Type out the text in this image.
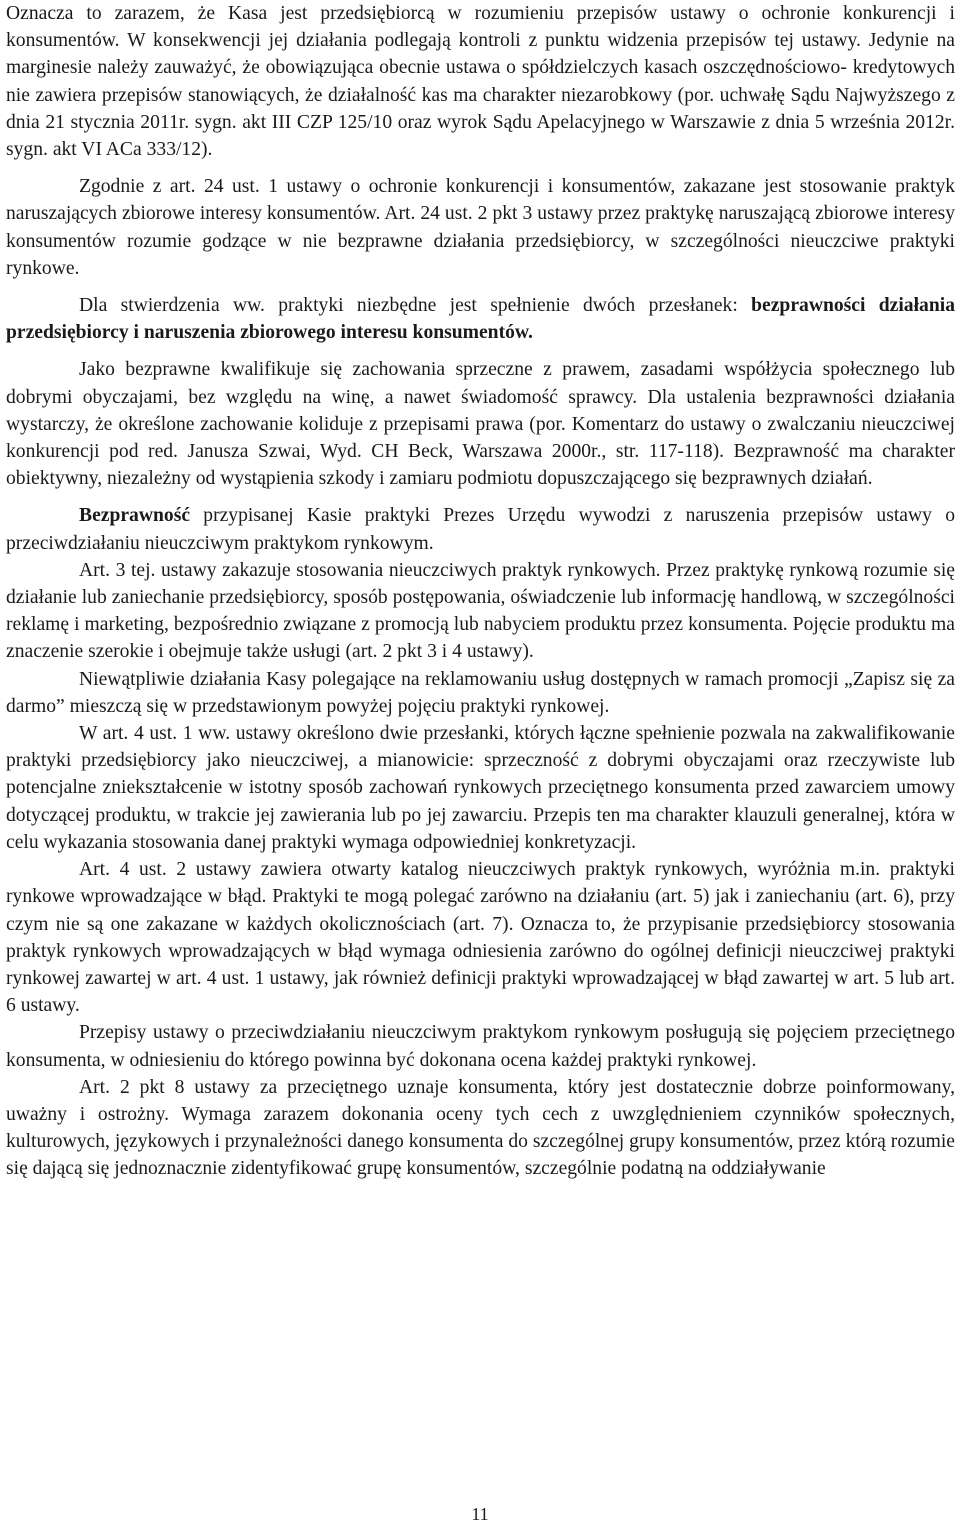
Oznacza to zarazem, że Kasa jest przedsiębiorcą w rozumieniu przepisów ustawy o ochronie konkurencji i konsumentów. W konsekwencji jej działania podlegają kontroli z punktu widzenia przepisów tej ustawy. Jedynie na marginesie należy zauważyć, że obowiązująca obecnie ustawa o spółdzielczych kasach oszczędnościowo- kredytowych nie zawiera przepisów stanowiących, że działalność kas ma charakter niezarobkowy (por. uchwałę Sądu Najwyższego z dnia 21 stycznia 2011r. sygn. akt III CZP 125/10 oraz wyrok Sądu Apelacyjnego w Warszawie z dnia 5 września 2012r. sygn. akt VI ACa 333/12).

Zgodnie z art. 24 ust. 1 ustawy o ochronie konkurencji i konsumentów, zakazane jest stosowanie praktyk naruszających zbiorowe interesy konsumentów. Art. 24 ust. 2 pkt 3 ustawy przez praktykę naruszającą zbiorowe interesy konsumentów rozumie godzące w nie bezprawne działania przedsiębiorcy, w szczególności nieuczciwe praktyki rynkowe.

Dla stwierdzenia ww. praktyki niezbędne jest spełnienie dwóch przesłanek: bezprawności działania przedsiębiorcy i naruszenia zbiorowego interesu konsumentów.

Jako bezprawne kwalifikuje się zachowania sprzeczne z prawem, zasadami współżycia społecznego lub dobrymi obyczajami, bez względu na winę, a nawet świadomość sprawcy. Dla ustalenia bezprawności działania wystarczy, że określone zachowanie koliduje z przepisami prawa (por. Komentarz do ustawy o zwalczaniu nieuczciwej konkurencji pod red. Janusza Szwai, Wyd. CH Beck, Warszawa 2000r., str. 117-118). Bezprawność ma charakter obiektywny, niezależny od wystąpienia szkody i zamiaru podmiotu dopuszczającego się bezprawnych działań.

Bezprawność przypisanej Kasie praktyki Prezes Urzędu wywodzi z naruszenia przepisów ustawy o przeciwdziałaniu nieuczciwym praktykom rynkowym.

Art. 3 tej. ustawy zakazuje stosowania nieuczciwych praktyk rynkowych. Przez praktykę rynkową rozumie się działanie lub zaniechanie przedsiębiorcy, sposób postępowania, oświadczenie lub informację handlową, w szczególności reklamę i marketing, bezpośrednio związane z promocją lub nabyciem produktu przez konsumenta. Pojęcie produktu ma znaczenie szerokie i obejmuje także usługi (art. 2 pkt 3 i 4 ustawy).

Niewątpliwie działania Kasy polegające na reklamowaniu usług dostępnych w ramach promocji „Zapisz się za darmo” mieszczą się w przedstawionym powyżej pojęciu praktyki rynkowej.

W art. 4 ust. 1 ww. ustawy określono dwie przesłanki, których łączne spełnienie pozwala na zakwalifikowanie praktyki przedsiębiorcy jako nieuczciwej, a mianowicie: sprzeczność z dobrymi obyczajami oraz rzeczywiste lub potencjalne zniekształcenie w istotny sposób zachowań rynkowych przeciętnego konsumenta przed zawarciem umowy dotyczącej produktu, w trakcie jej zawierania lub po jej zawarciu. Przepis ten ma charakter klauzuli generalnej, która w celu wykazania stosowania danej praktyki wymaga odpowiedniej konkretyzacji.

Art. 4 ust. 2 ustawy zawiera otwarty katalog nieuczciwych praktyk rynkowych, wyróżnia m.in. praktyki rynkowe wprowadzające w błąd. Praktyki te mogą polegać zarówno na działaniu (art. 5) jak i zaniechaniu (art. 6), przy czym nie są one zakazane w każdych okolicznościach (art. 7). Oznacza to, że przypisanie przedsiębiorcy stosowania praktyk rynkowych wprowadzających w błąd wymaga odniesienia zarówno do ogólnej definicji nieuczciwej praktyki rynkowej zawartej w art. 4 ust. 1 ustawy, jak również definicji praktyki wprowadzającej w błąd zawartej w art. 5 lub art. 6 ustawy.

Przepisy ustawy o przeciwdziałaniu nieuczciwym praktykom rynkowym posługują się pojęciem przeciętnego konsumenta, w odniesieniu do którego powinna być dokonana ocena każdej praktyki rynkowej.

Art. 2 pkt 8 ustawy za przeciętnego uznaje konsumenta, który jest dostatecznie dobrze poinformowany, uważny i ostrożny. Wymaga zarazem dokonania oceny tych cech z uwzględnieniem czynników społecznych, kulturowych, językowych i przynależności danego konsumenta do szczególnej grupy konsumentów, przez którą rozumie się dającą się jednoznacznie zidentyfikować grupę konsumentów, szczególnie podatną na oddziaływanie

11
